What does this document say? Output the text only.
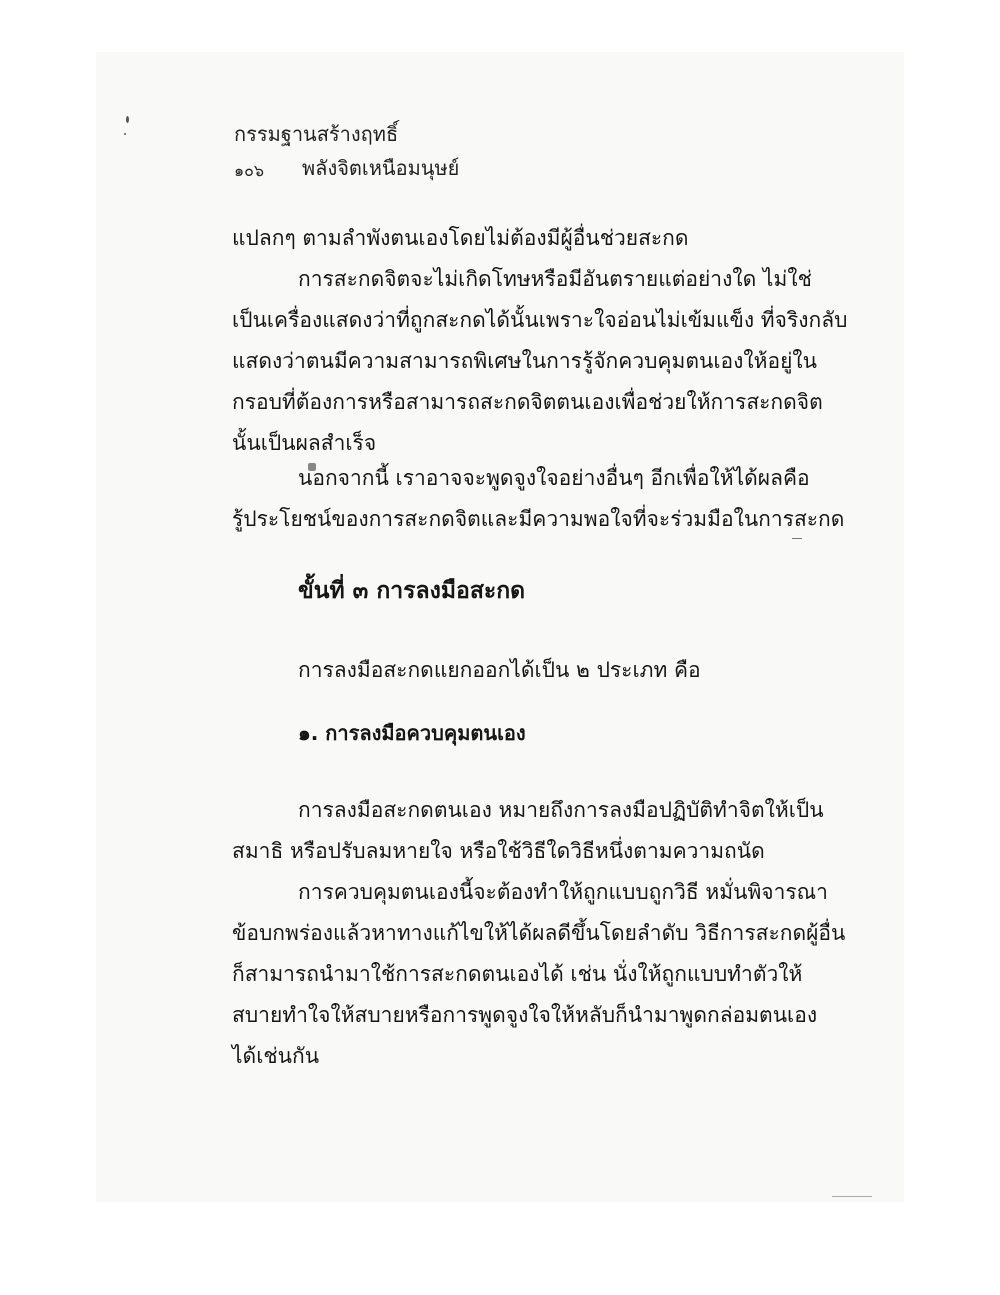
กรรมฐานสร้างฤทธิ์

๑๐๖ พลังจิตเหนือมนุษย์

แปลกๆ ตามลำพังตนเองโดยไม่ต้องมีผู้อื่นช่วยสะกด

การสะกดจิตจะไม่เกิดโทษหรือมีอันตรายแต่อย่างใด ไม่ใช่

เป็นเครื่องแสดงว่าที่ถูกสะกดได้นั้นเพราะใจอ่อนไม่เข้มแข็ง ที่จริงกลับ

แสดงว่าตนมีความสามารถพิเศษในการรู้จักควบคุมตนเองให้อยู่ใน

กรอบที่ต้องการหรือสามารถสะกดจิตตนเองเพื่อช่วยให้การสะกดจิต

นั้นเป็นผลสำเร็จ

นอกจากนี้ เราอาจจะพูดจูงใจอย่างอื่นๆ อีกเพื่อให้ได้ผลคือ

รู้ประโยชน์ของการสะกดจิตและมีความพอใจที่จะร่วมมือในการสะกด

ขั้นที่ ๓ การลงมือสะกด

การลงมือสะกดแยกออกได้เป็น ๒ ประเภท คือ

๑. การลงมือควบคุมตนเอง

การลงมือสะกดตนเอง หมายถึงการลงมือปฏิบัติทำจิตให้เป็น

สมาธิ หรือปรับลมหายใจ หรือใช้วิธีใดวิธีหนึ่งตามความถนัด

การควบคุมตนเองนี้จะต้องทำให้ถูกแบบถูกวิธี หมั่นพิจารณา

ข้อบกพร่องแล้วหาทางแก้ไขให้ได้ผลดีขึ้นโดยลำดับ วิธีการสะกดผู้อื่น

ก็สามารถนำมาใช้การสะกดตนเองได้ เช่น นั่งให้ถูกแบบทำตัวให้

สบายทำใจให้สบายหรือการพูดจูงใจให้หลับก็นำมาพูดกล่อมตนเอง

ได้เช่นกัน
